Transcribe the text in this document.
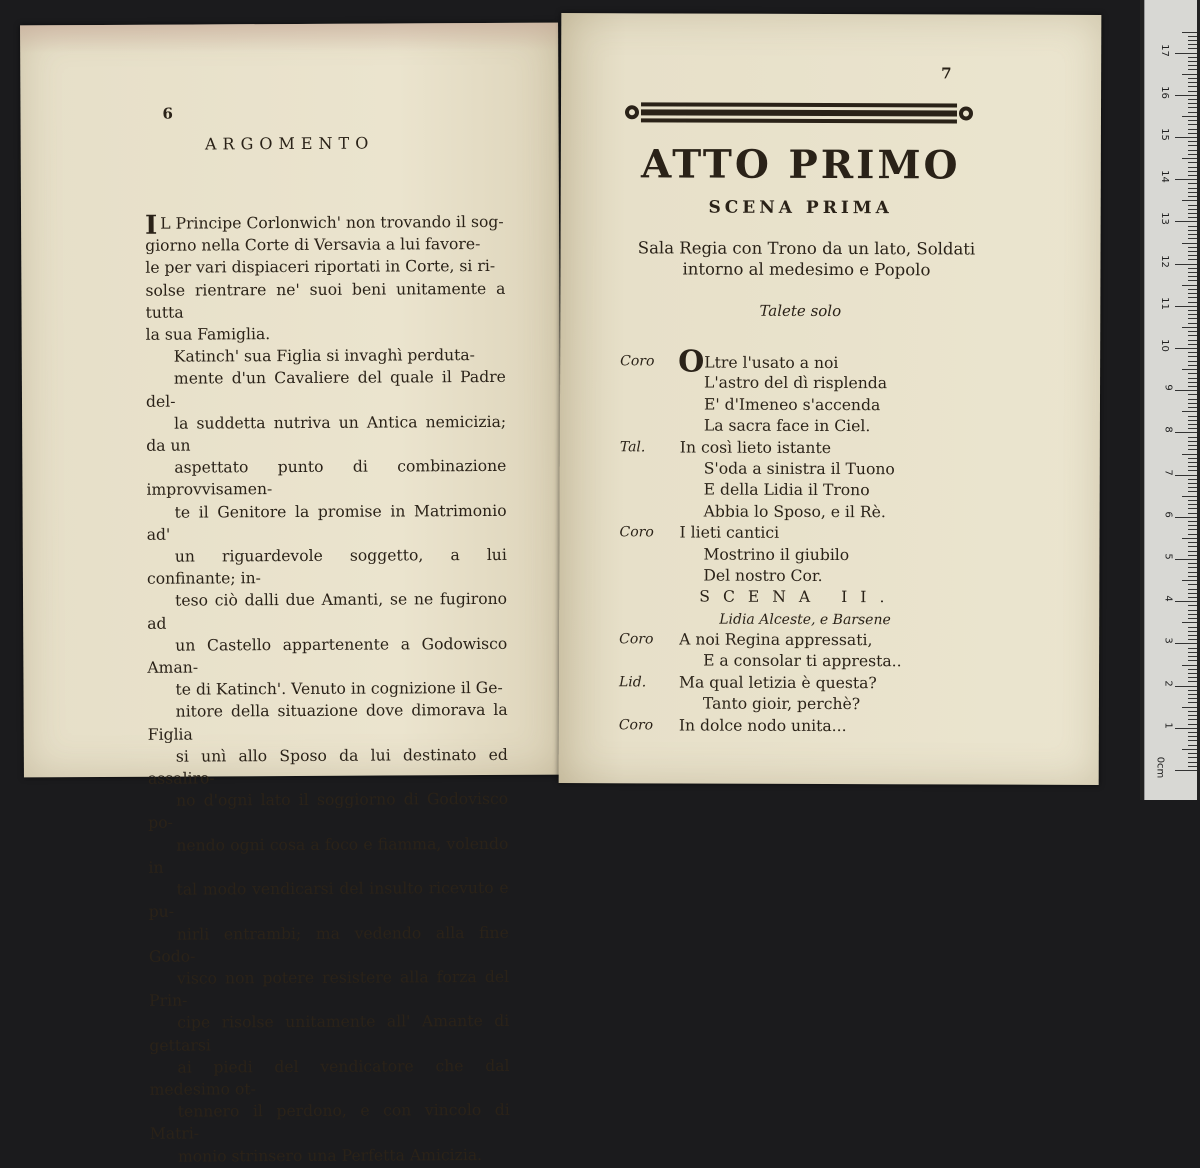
6
ARGOMENTO

I L Principe Corlonwich' non trovando il sog-

giorno nella Corte di Versavia a lui favore-
le per vari dispiaceri riportati in Corte, si ri-
solse rientrare ne' suoi beni unitamente a tutta
la sua Famiglia.

Katinch' sua Figlia si invaghì perduta-
mente d'un Cavaliere del quale il Padre del-
la suddetta nutriva un Antica nemicizia; da un
aspettato punto di combinazione improvvisamen-
te il Genitore la promise in Matrimonio ad'
un riguardevole soggetto, a lui confinante; in-
teso ciò dalli due Amanti, se ne fugirono ad
un Castello appartenente a Godowisco Aman-
te di Katinch'. Venuto in cognizione il Ge-
nitore della situazione dove dimorava la Figlia
si unì allo Sposo da lui destinato ed assaliro-
no d'ogni lato il soggiorno di Godovisco po-
nendo ogni cosa a foco e fiamma, volendo in
tal modo vendicarsi del insulto ricevuto e pu-
nirli entrambi; ma vedendo alla fine Godo-
visco non potere resistere alla forza del Prin-
cipe risolse unitamente all' Amante di gettarsi
ai piedi del vendicatore che dal medesimo ot-
tennero il perdono, e con vincolo di Matri-
monio strinsero una Perfetta Amicizia.

7
ATTO PRIMO
SCENA PRIMA
Sala Regia con Trono da un lato, Soldati
intorno al medesimo e Popolo
Talete solo
Coro OLtre l'usato a noi
L'astro del dì risplenda
E' d'Imeneo s'accenda
La sacra face in Ciel.
Tal.	In così lieto istante
S'oda a sinistra il Tuono
E della Lidia il Trono
Abbia lo Sposo, e il Rè.
Coro	I lieti cantici
Mostrino il giubilo
Del nostro Cor.
SCENA II.
Lidia Alceste, e Barsene
Coro	A noi Regina appressati,
E a consolar ti appresta..
Lid.	Ma qual letizia è questa?
Tanto gioir, perchè?
Coro	In dolce nodo unita...
0cm
1
2
3
4
5
6
7
8
9
10
11
12
13
14
15
16
17
